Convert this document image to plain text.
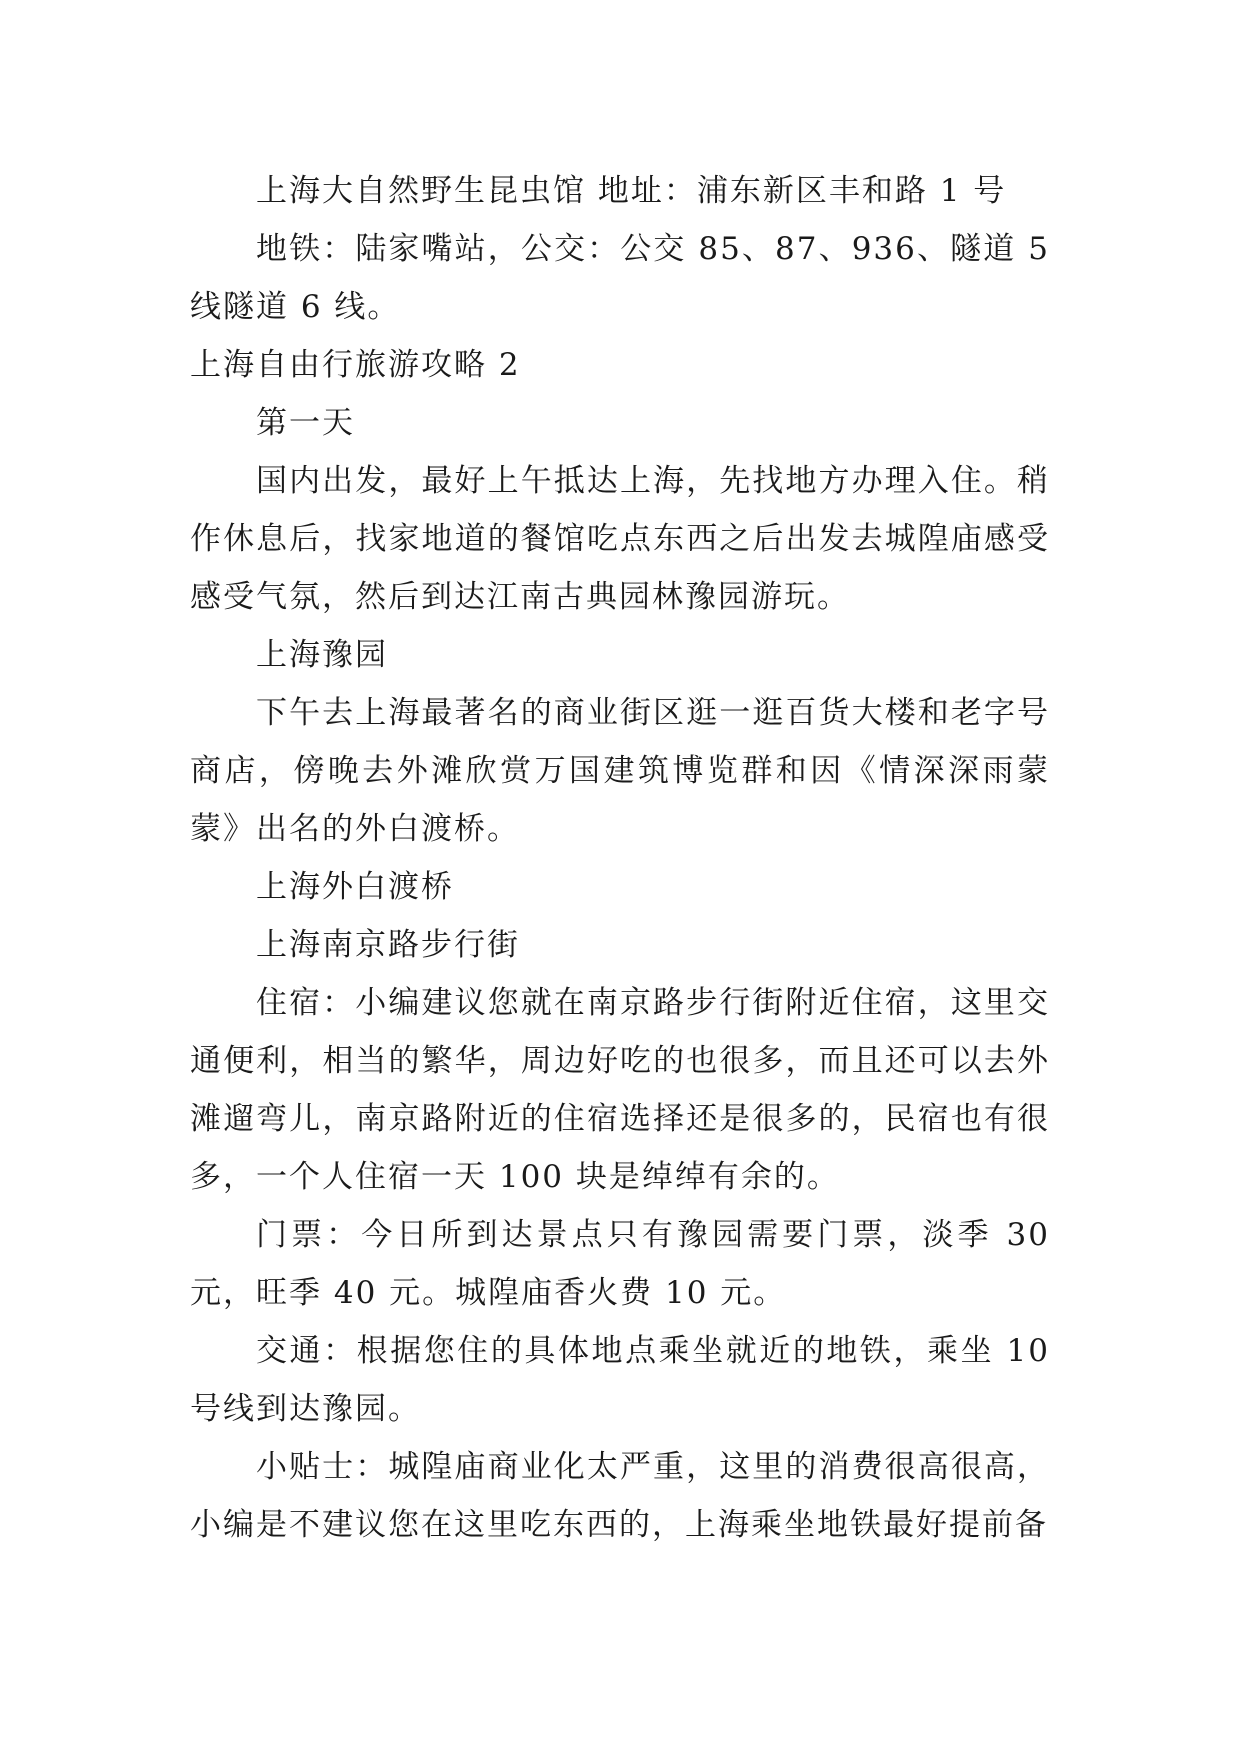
上海大自然野生昆虫馆 地址：浦东新区丰和路 1 号

地铁：陆家嘴站，公交：公交 85、87、936、隧道 5 线隧道 6 线。

上海自由行旅游攻略 2

第一天

国内出发，最好上午抵达上海，先找地方办理入住。稍作休息后，找家地道的餐馆吃点东西之后出发去城隍庙感受感受气氛，然后到达江南古典园林豫园游玩。

上海豫园

下午去上海最著名的商业街区逛一逛百货大楼和老字号商店，傍晚去外滩欣赏万国建筑博览群和因《情深深雨蒙蒙》出名的外白渡桥。

上海外白渡桥

上海南京路步行街

住宿：小编建议您就在南京路步行街附近住宿，这里交通便利，相当的繁华，周边好吃的也很多，而且还可以去外滩遛弯儿，南京路附近的住宿选择还是很多的，民宿也有很多，一个人住宿一天 100 块是绰绰有余的。

门票：今日所到达景点只有豫园需要门票，淡季 30 元，旺季 40 元。城隍庙香火费 10 元。

交通：根据您住的具体地点乘坐就近的地铁，乘坐 10 号线到达豫园。

小贴士：城隍庙商业化太严重，这里的消费很高很高，小编是不建议您在这里吃东西的，上海乘坐地铁最好提前备
